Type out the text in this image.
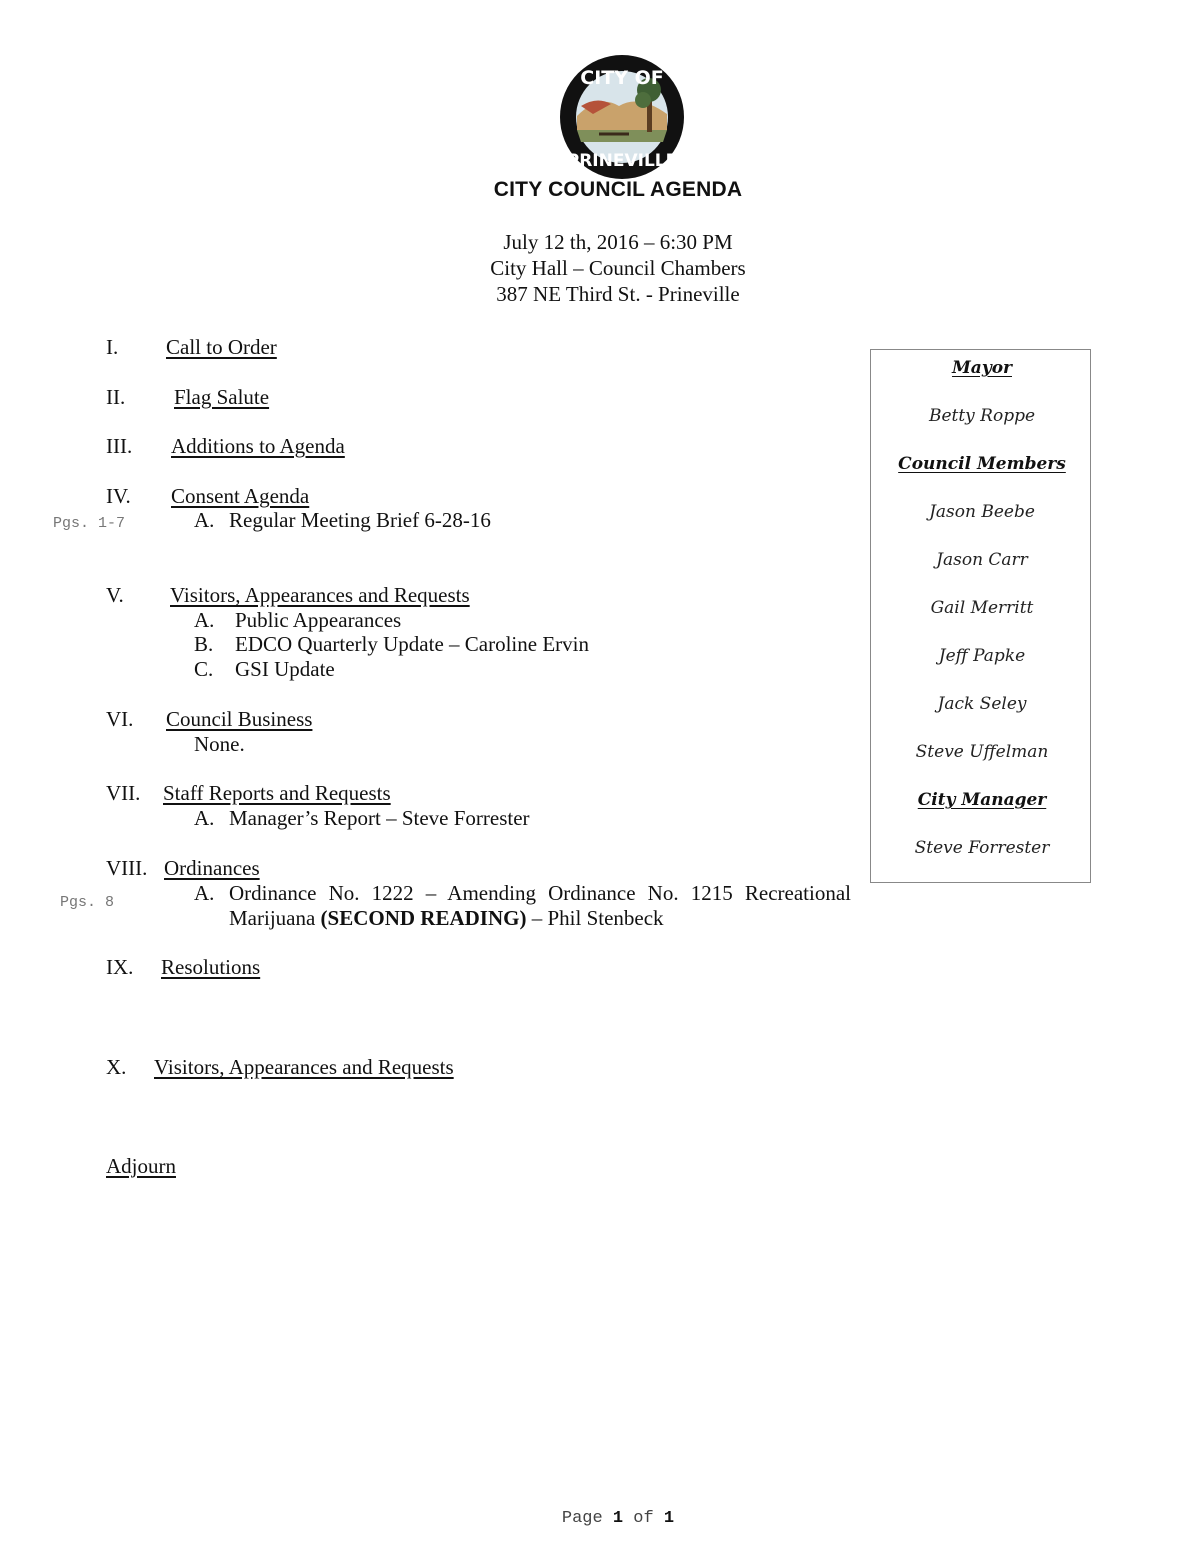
CITY OF
PRINEVILLE
CITY COUNCIL AGENDA
July 12 th, 2016 – 6:30 PM
City Hall – Council Chambers
387 NE Third St. - Prineville
I. Call to Order
II. Flag Salute
III. Additions to Agenda
IV. Consent Agenda
Pgs. 1-7	A. Regular Meeting Brief 6-28-16
V. Visitors, Appearances and Requests
A. Public Appearances
B. EDCO Quarterly Update – Caroline Ervin
C. GSI Update
VI. Council Business
None.
VII. Staff Reports and Requests
A. Manager’s Report – Steve Forrester
VIII. Ordinances
Pgs. 8	A. Ordinance No. 1222 – Amending Ordinance No. 1215 Recreational
Marijuana (SECOND READING) – Phil Stenbeck
IX. Resolutions
X. Visitors, Appearances and Requests
Adjourn
Mayor
Betty Roppe
Council Members
Jason Beebe
Jason Carr
Gail Merritt
Jeff Papke
Jack Seley
Steve Uffelman
City Manager
Steve Forrester
Page 1 of 1
